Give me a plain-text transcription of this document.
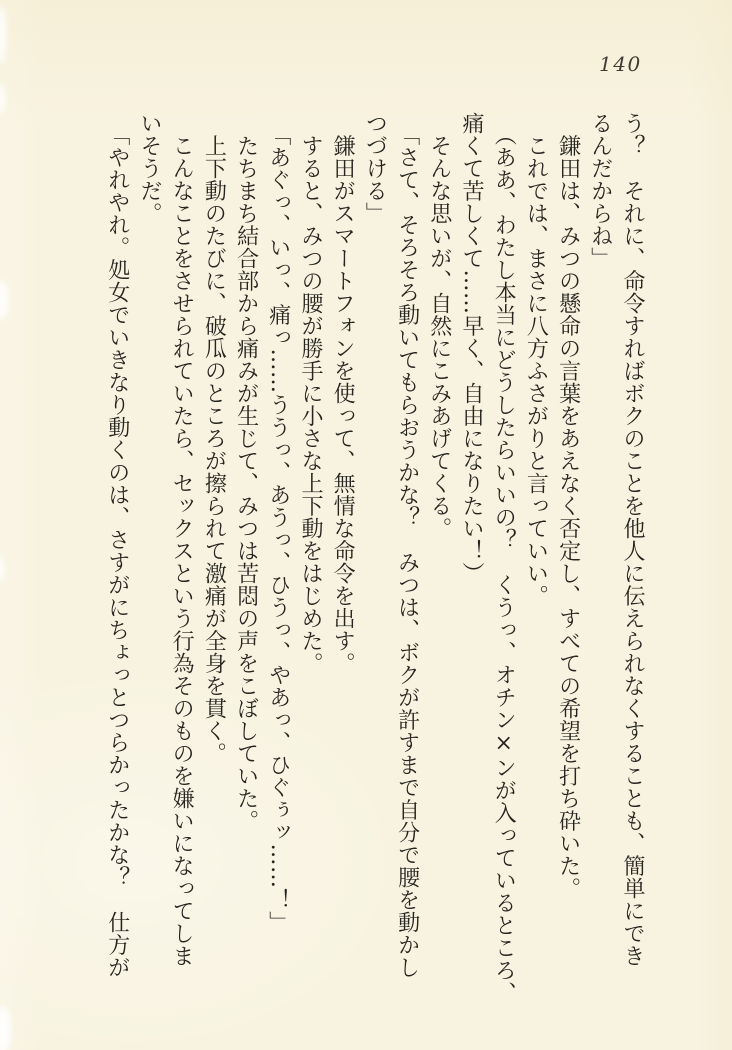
140

う？　それに、命令すればボクのことを他人に伝えられなくすることも、簡単にでき

るんだからね」

　鎌田は、みつの懸命の言葉をあえなく否定し、すべての希望を打ち砕いた。

　これでは、まさに八方ふさがりと言っていい。

　（ああ、わたし本当にどうしたらいいの？　くうっ、オチン×ンが入っているところ、

痛くて苦しくて……早く、自由になりたい！）

　そんな思いが、自然にこみあげてくる。

　「さて、そろそろ動いてもらおうかな？　みつは、ボクが許すまで自分で腰を動かし

つづける」

　鎌田がスマートフォンを使って、無情な命令を出す。

　すると、みつの腰が勝手に小さな上下動をはじめた。

　「あぐっ、いっ、痛っ……ううっ、あうっ、ひうっ、やあっ、ひぐぅッ……！」

　たちまち結合部から痛みが生じて、みつは苦悶の声をこぼしていた。

　上下動のたびに、破瓜のところが擦られて激痛が全身を貫く。

　こんなことをさせられていたら、セックスという行為そのものを嫌いになってしま

いそうだ。

　「やれやれ。処女でいきなり動くのは、さすがにちょっとつらかったかな？　仕方が
